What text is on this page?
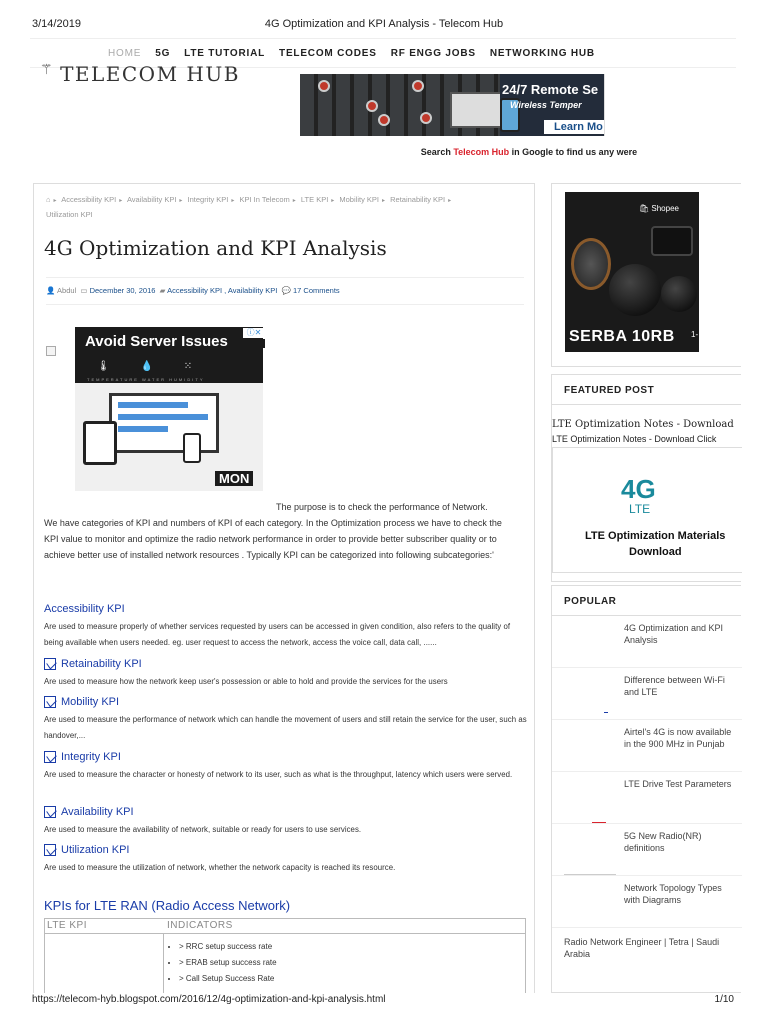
3/14/2019	4G Optimization and KPI Analysis - Telecom Hub
HOME 5G LTE TUTORIAL TELECOM CODES RF ENGG JOBS NETWORKING HUB
⚚ TELECOM HUB
24/7 Remote Se
Wireless Temper
Learn Mo
Search Telecom Hub in Google to find us any were
⌂ ▸ Accessibility KPI ▸ Availability KPI ▸ Integrity KPI ▸ KPI In Telecom ▸ LTE KPI ▸ Mobility KPI ▸ Retainability KPI ▸
Utilization KPI
4G Optimization and KPI Analysis
👤 Abdul ▭ December 30, 2016 ▰ Accessibility KPI , Availability KPI 💬 17 Comments
Avoid Server Issues
🌡 💧 ⁙
TEMPERATURE WATER HUMIDITY
MON
ⓘ✕
The purpose is to check the performance of Network.
We have categories of KPI and numbers of KPI of each category. In the Optimization process we have to check the KPI value to monitor and optimize the radio network performance in order to provide better subscriber quality or to achieve better use of installed network resources . Typically KPI can be categorized into following subcategories:'
Accessibility KPI
Are used to measure properly of whether services requested by users can be accessed in given condition, also refers to the quality of being available when users needed. eg. user request to access the network, access the voice call, data call, ......
Retainability KPI
Are used to measure how the network keep user's possession or able to hold and provide the services for the users
Mobility KPI
Are used to measure the performance of network which can handle the movement of users and still retain the service for the user, such as handover,...
Integrity KPI
Are used to measure the character or honesty of network to its user, such as what is the throughput, latency which users were served.
Availability KPI
Are used to measure the availability of network, suitable or ready for users to use services.
Utilization KPI
Are used to measure the utilization of network, whether the network capacity is reached its resource.
KPIs for LTE RAN (Radio Access Network)
LTE KPI	INDICATORS
• > RRC setup success rate
• > ERAB setup success rate
• > Call Setup Success Rate
🛍 Shopee
SERBA 10RB 1-
FEATURED POST
LTE Optimization Notes - Download
LTE Optimization Notes - Download Click
4G
LTE
LTE Optimization Materials
Download
POPULAR
4G Optimization and KPI Analysis
Difference between Wi-Fi and LTE
Airtel's 4G is now available in the 900 MHz in Punjab
LTE Drive Test Parameters
5G New Radio(NR) definitions
Network Topology Types with Diagrams
Radio Network Engineer | Tetra | Saudi Arabia
https://telecom-hyb.blogspot.com/2016/12/4g-optimization-and-kpi-analysis.html	1/10
